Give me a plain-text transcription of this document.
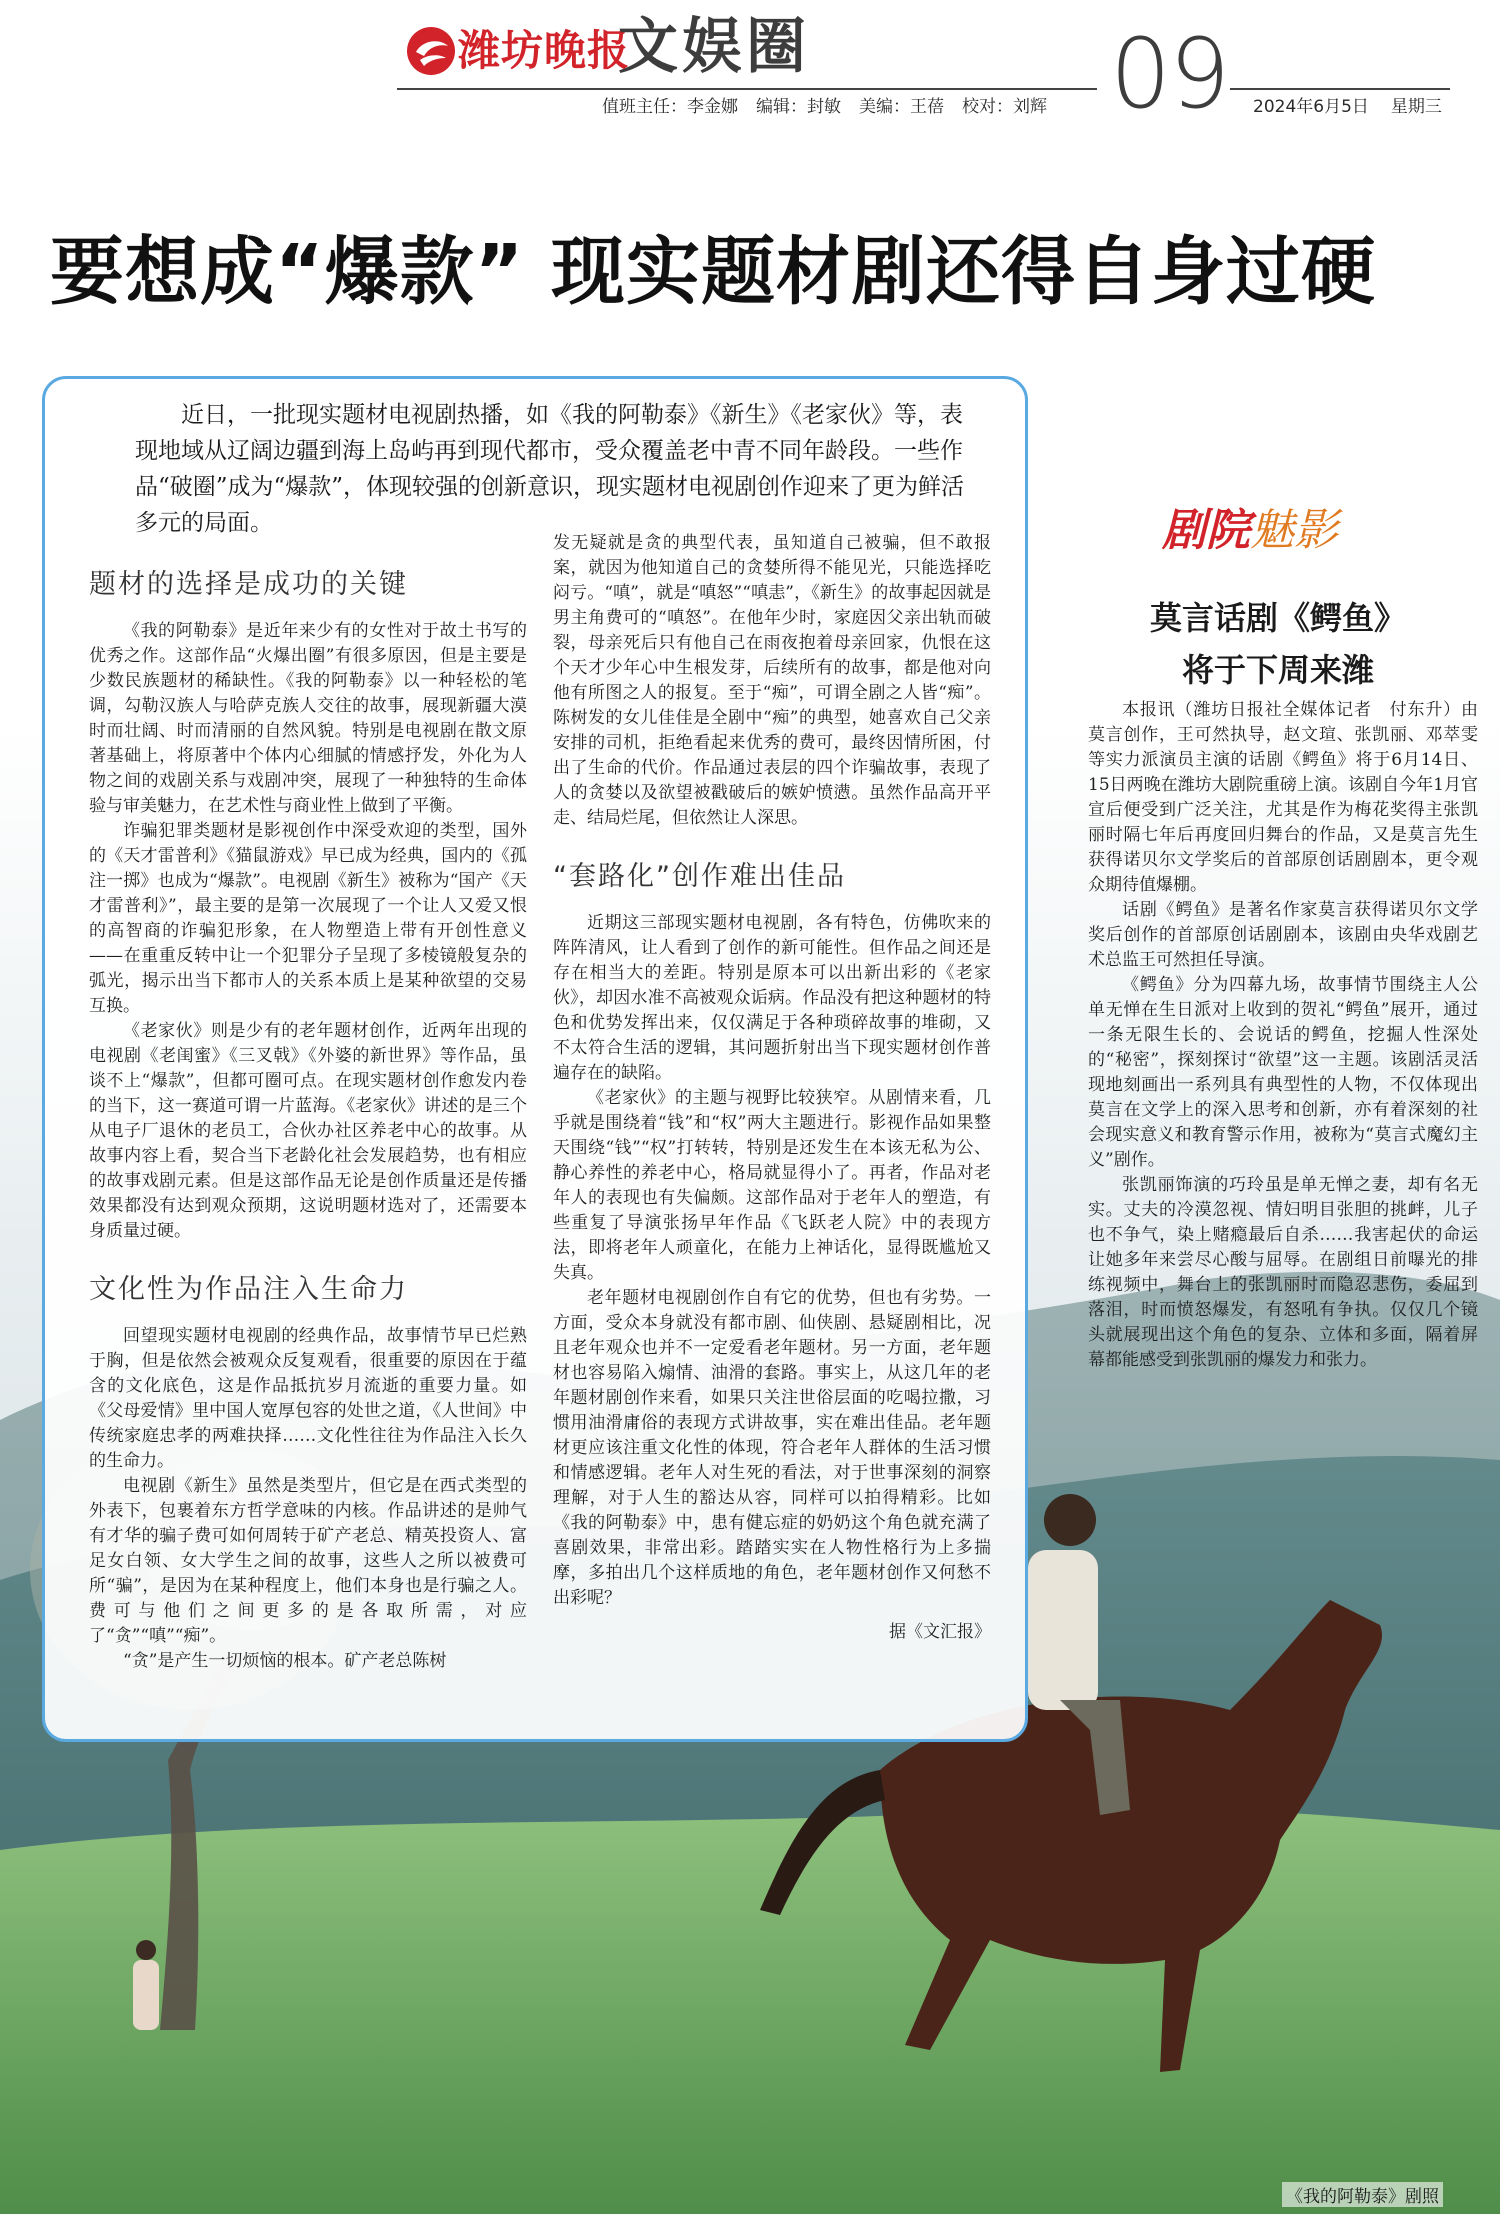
潍坊晚报
文娱圈	09
值班主任：李金娜 编辑：封敏 美编：王蓓 校对：刘辉	2024年6月5日 星期三
要想成“爆款” 现实题材剧还得自身过硬

近日，一批现实题材电视剧热播，如《我的阿勒泰》《新生》《老家伙》等，表现地域从辽阔边疆到海上岛屿再到现代都市，受众覆盖老中青不同年龄段。一些作品“破圈”成为“爆款”，体现较强的创新意识，现实题材电视剧创作迎来了更为鲜活多元的局面。

题材的选择是成功的关键

《我的阿勒泰》是近年来少有的女性对于故土书写的优秀之作。这部作品“火爆出圈”有很多原因，但是主要是少数民族题材的稀缺性。《我的阿勒泰》以一种轻松的笔调，勾勒汉族人与哈萨克族人交往的故事，展现新疆大漠时而壮阔、时而清丽的自然风貌。特别是电视剧在散文原著基础上，将原著中个体内心细腻的情感抒发，外化为人物之间的戏剧关系与戏剧冲突，展现了一种独特的生命体验与审美魅力，在艺术性与商业性上做到了平衡。

诈骗犯罪类题材是影视创作中深受欢迎的类型，国外的《天才雷普利》《猫鼠游戏》早已成为经典，国内的《孤注一掷》也成为“爆款”。电视剧《新生》被称为“国产《天才雷普利》”，最主要的是第一次展现了一个让人又爱又恨的高智商的诈骗犯形象，在人物塑造上带有开创性意义——在重重反转中让一个犯罪分子呈现了多棱镜般复杂的弧光，揭示出当下都市人的关系本质上是某种欲望的交易互换。

《老家伙》则是少有的老年题材创作，近两年出现的电视剧《老闺蜜》《三叉戟》《外婆的新世界》等作品，虽谈不上“爆款”，但都可圈可点。在现实题材创作愈发内卷的当下，这一赛道可谓一片蓝海。《老家伙》讲述的是三个从电子厂退休的老员工，合伙办社区养老中心的故事。从故事内容上看，契合当下老龄化社会发展趋势，也有相应的故事戏剧元素。但是这部作品无论是创作质量还是传播效果都没有达到观众预期，这说明题材选对了，还需要本身质量过硬。

文化性为作品注入生命力

回望现实题材电视剧的经典作品，故事情节早已烂熟于胸，但是依然会被观众反复观看，很重要的原因在于蕴含的文化底色，这是作品抵抗岁月流逝的重要力量。如《父母爱情》里中国人宽厚包容的处世之道，《人世间》中传统家庭忠孝的两难抉择……文化性往往为作品注入长久的生命力。

电视剧《新生》虽然是类型片，但它是在西式类型的外表下，包裹着东方哲学意味的内核。作品讲述的是帅气有才华的骗子费可如何周转于矿产老总、精英投资人、富足女白领、女大学生之间的故事，这些人之所以被费可所“骗”，是因为在某种程度上，他们本身也是行骗之人。费可与他们之间更多的是各取所需，对应了“贪”“嗔”“痴”。

“贪”是产生一切烦恼的根本。矿产老总陈树

发无疑就是贪的典型代表，虽知道自己被骗，但不敢报案，就因为他知道自己的贪婪所得不能见光，只能选择吃闷亏。“嗔”，就是“嗔怒”“嗔恚”，《新生》的故事起因就是男主角费可的“嗔怒”。在他年少时，家庭因父亲出轨而破裂，母亲死后只有他自己在雨夜抱着母亲回家，仇恨在这个天才少年心中生根发芽，后续所有的故事，都是他对向他有所图之人的报复。至于“痴”，可谓全剧之人皆“痴”。陈树发的女儿佳佳是全剧中“痴”的典型，她喜欢自己父亲安排的司机，拒绝看起来优秀的费可，最终因情所困，付出了生命的代价。作品通过表层的四个诈骗故事，表现了人的贪婪以及欲望被戳破后的嫉妒愤懑。虽然作品高开平走、结局烂尾，但依然让人深思。

“套路化”创作难出佳品

近期这三部现实题材电视剧，各有特色，仿佛吹来的阵阵清风，让人看到了创作的新可能性。但作品之间还是存在相当大的差距。特别是原本可以出新出彩的《老家伙》，却因水准不高被观众诟病。作品没有把这种题材的特色和优势发挥出来，仅仅满足于各种琐碎故事的堆砌，又不太符合生活的逻辑，其问题折射出当下现实题材创作普遍存在的缺陷。

《老家伙》的主题与视野比较狭窄。从剧情来看，几乎就是围绕着“钱”和“权”两大主题进行。影视作品如果整天围绕“钱”“权”打转转，特别是还发生在本该无私为公、静心养性的养老中心，格局就显得小了。再者，作品对老年人的表现也有失偏颇。这部作品对于老年人的塑造，有些重复了导演张扬早年作品《飞跃老人院》中的表现方法，即将老年人顽童化，在能力上神话化，显得既尴尬又失真。

老年题材电视剧创作自有它的优势，但也有劣势。一方面，受众本身就没有都市剧、仙侠剧、悬疑剧相比，况且老年观众也并不一定爱看老年题材。另一方面，老年题材也容易陷入煽情、油滑的套路。事实上，从这几年的老年题材剧创作来看，如果只关注世俗层面的吃喝拉撒，习惯用油滑庸俗的表现方式讲故事，实在难出佳品。老年题材更应该注重文化性的体现，符合老年人群体的生活习惯和情感逻辑。老年人对生死的看法，对于世事深刻的洞察理解，对于人生的豁达从容，同样可以拍得精彩。比如《我的阿勒泰》中，患有健忘症的奶奶这个角色就充满了喜剧效果，非常出彩。踏踏实实在人物性格行为上多揣摩，多拍出几个这样质地的角色，老年题材创作又何愁不出彩呢？

据《文汇报》
剧院魅影
莫言话剧《鳄鱼》
将于下周来潍

本报讯（潍坊日报社全媒体记者　付东升）由莫言创作，王可然执导，赵文瑄、张凯丽、邓萃雯等实力派演员主演的话剧《鳄鱼》将于6月14日、15日两晚在潍坊大剧院重磅上演。该剧自今年1月官宣后便受到广泛关注，尤其是作为梅花奖得主张凯丽时隔七年后再度回归舞台的作品，又是莫言先生获得诺贝尔文学奖后的首部原创话剧剧本，更令观众期待值爆棚。

话剧《鳄鱼》是著名作家莫言获得诺贝尔文学奖后创作的首部原创话剧剧本，该剧由央华戏剧艺术总监王可然担任导演。

《鳄鱼》分为四幕九场，故事情节围绕主人公单无惮在生日派对上收到的贺礼“鳄鱼”展开，通过一条无限生长的、会说话的鳄鱼，挖掘人性深处的“秘密”，探刻探讨“欲望”这一主题。该剧活灵活现地刻画出一系列具有典型性的人物，不仅体现出莫言在文学上的深入思考和创新，亦有着深刻的社会现实意义和教育警示作用，被称为“莫言式魔幻主义”剧作。

张凯丽饰演的巧玲虽是单无惮之妻，却有名无实。丈夫的冷漠忽视、情妇明目张胆的挑衅，儿子也不争气，染上赌瘾最后自杀……我害起伏的命运让她多年来尝尽心酸与屈辱。在剧组日前曝光的排练视频中，舞台上的张凯丽时而隐忍悲伤，委屈到落泪，时而愤怒爆发，有怒吼有争执。仅仅几个镜头就展现出这个角色的复杂、立体和多面，隔着屏幕都能感受到张凯丽的爆发力和张力。

《我的阿勒泰》剧照
